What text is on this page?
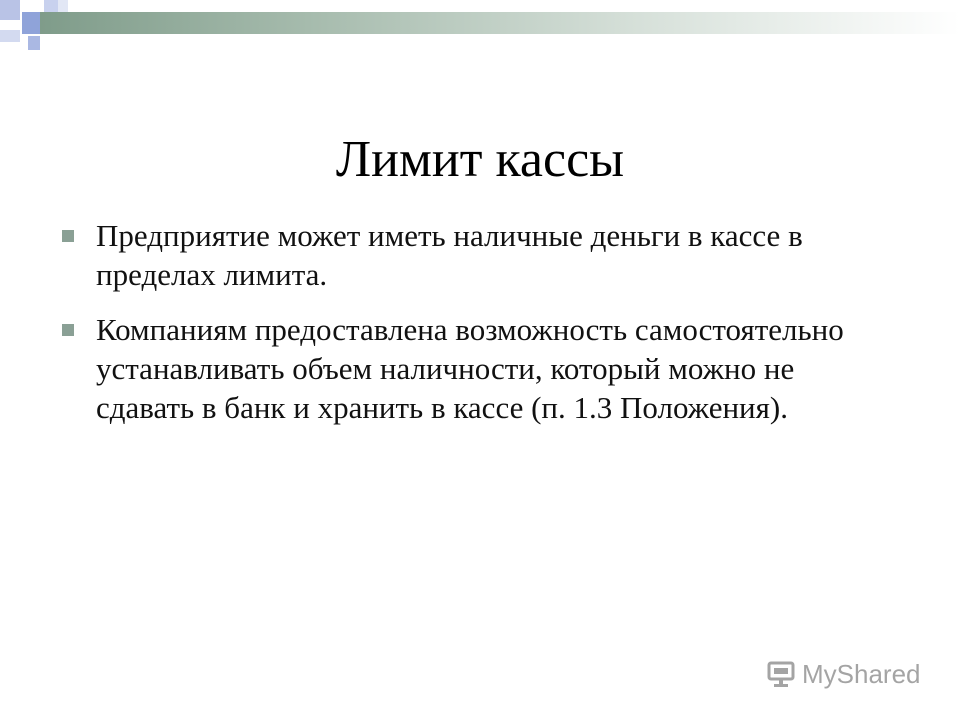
Лимит кассы
Предприятие может иметь наличные деньги в кассе в пределах лимита.
Компаниям предоставлена возможность самостоятельно устанавливать объем наличности, который можно не сдавать в банк и хранить в кассе (п. 1.3 Положения).
MyShared
